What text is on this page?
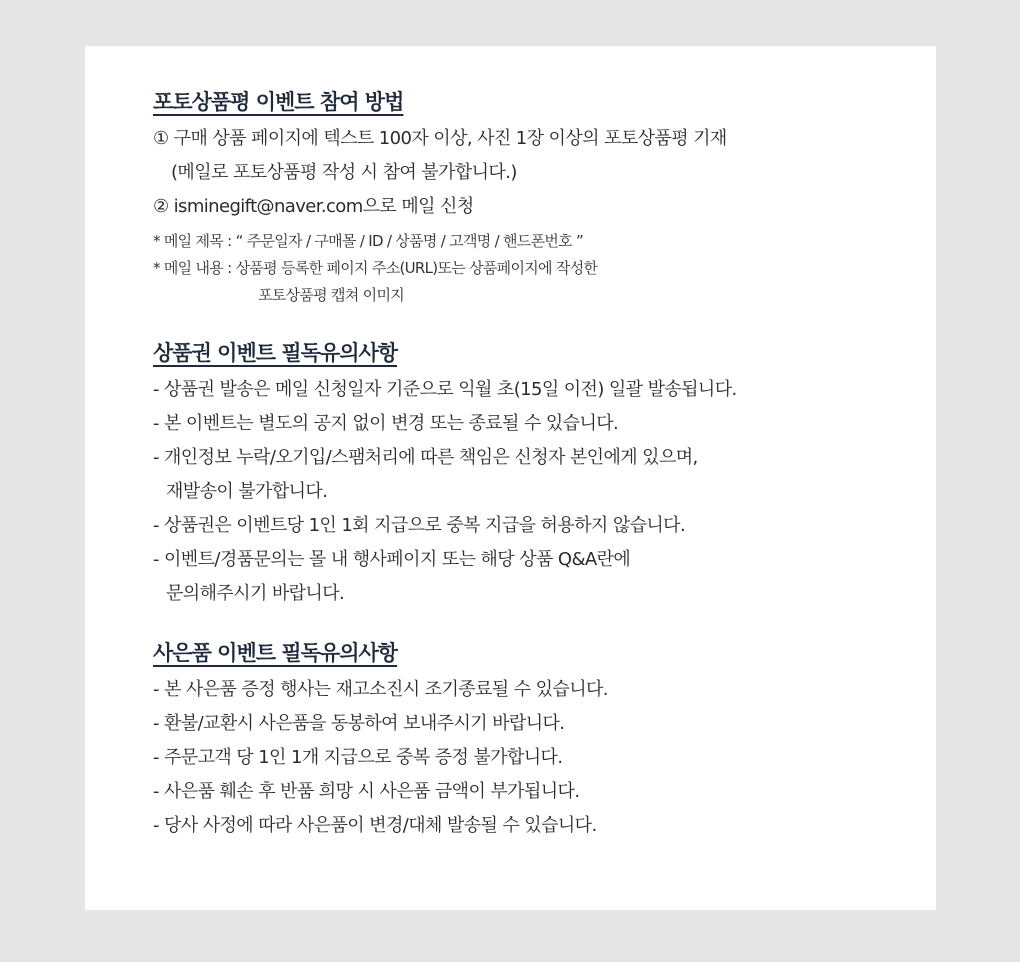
포토상품평 이벤트 참여 방법
① 구매 상품 페이지에 텍스트 100자 이상, 사진 1장 이상의 포토상품평 기재
(메일로 포토상품평 작성 시 참여 불가합니다.)
② isminegift@naver.com으로 메일 신청
* 메일 제목 : “ 주문일자 / 구매몰 / ID / 상품명 / 고객명 / 핸드폰번호 ”
* 메일 내용 : 상품평 등록한 페이지 주소(URL)또는 상품페이지에 작성한
포토상품평 캡쳐 이미지
상품권 이벤트 필독유의사항
- 상품권 발송은 메일 신청일자 기준으로 익월 초(15일 이전) 일괄 발송됩니다.
- 본 이벤트는 별도의 공지 없이 변경 또는 종료될 수 있습니다.
- 개인정보 누락/오기입/스팸처리에 따른 책임은 신청자 본인에게 있으며,
재발송이 불가합니다.
- 상품권은 이벤트당 1인 1회 지급으로 중복 지급을 허용하지 않습니다.
- 이벤트/경품문의는 몰 내 행사페이지 또는 해당 상품 Q&A란에
문의해주시기 바랍니다.
사은품 이벤트 필독유의사항
- 본 사은품 증정 행사는 재고소진시 조기종료될 수 있습니다.
- 환불/교환시 사은품을 동봉하여 보내주시기 바랍니다.
- 주문고객 당 1인 1개 지급으로 중복 증정 불가합니다.
- 사은품 훼손 후 반품 희망 시 사은품 금액이 부가됩니다.
- 당사 사정에 따라 사은품이 변경/대체 발송될 수 있습니다.
